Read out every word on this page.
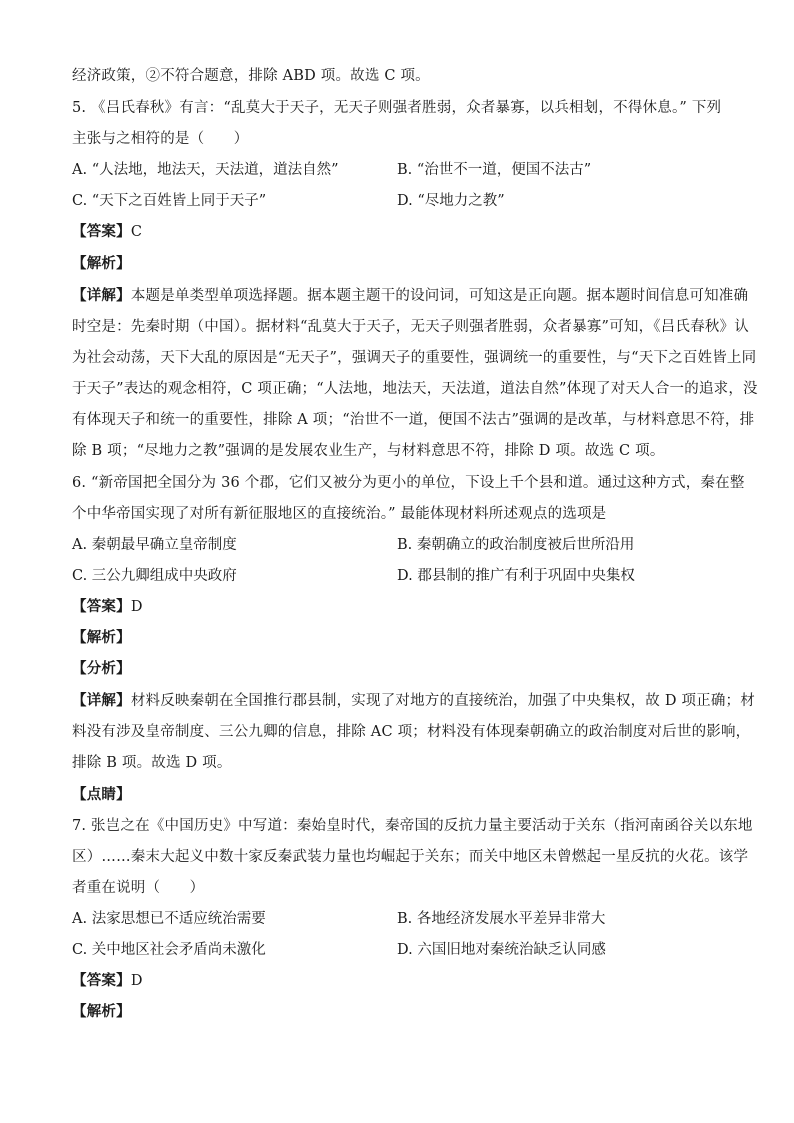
经济政策，②不符合题意，排除 ABD 项。故选 C 项。
5. 《吕氏春秋》有言：“乱莫大于天子，无天子则强者胜弱，众者暴寡，以兵相刬，不得休息。” 下列
主张与之相符的是（　　）
A. “人法地，地法天，天法道，道法自然”	B. “治世不一道，便国不法古”
C. “天下之百姓皆上同于天子”	D. “尽地力之教”
【答案】C
【解析】
【详解】本题是单类型单项选择题。据本题主题干的设问词，可知这是正向题。据本题时间信息可知准确
时空是：先秦时期（中国）。据材料“乱莫大于天子，无天子则强者胜弱，众者暴寡”可知，《吕氏春秋》认
为社会动荡，天下大乱的原因是“无天子”，强调天子的重要性，强调统一的重要性，与“天下之百姓皆上同
于天子”表达的观念相符，C 项正确；“人法地，地法天，天法道，道法自然”体现了对天人合一的追求，没
有体现天子和统一的重要性，排除 A 项；“治世不一道，便国不法古”强调的是改革，与材料意思不符，排
除 B 项；“尽地力之教”强调的是发展农业生产，与材料意思不符，排除 D 项。故选 C 项。
6. “新帝国把全国分为 36 个郡，它们又被分为更小的单位，下设上千个县和道。通过这种方式，秦在整
个中华帝国实现了对所有新征服地区的直接统治。” 最能体现材料所述观点的选项是
A. 秦朝最早确立皇帝制度	B. 秦朝确立的政治制度被后世所沿用
C. 三公九卿组成中央政府	D. 郡县制的推广有利于巩固中央集权
【答案】D
【解析】
【分析】
【详解】材料反映秦朝在全国推行郡县制，实现了对地方的直接统治，加强了中央集权，故 D 项正确；材
料没有涉及皇帝制度、三公九卿的信息，排除 AC 项；材料没有体现秦朝确立的政治制度对后世的影响，
排除 B 项。故选 D 项。
【点睛】
7. 张岂之在《中国历史》中写道：秦始皇时代，秦帝国的反抗力量主要活动于关东（指河南函谷关以东地
区）……秦末大起义中数十家反秦武装力量也均崛起于关东；而关中地区未曾燃起一星反抗的火花。该学
者重在说明（　　）
A. 法家思想已不适应统治需要	B. 各地经济发展水平差异非常大
C. 关中地区社会矛盾尚未激化	D. 六国旧地对秦统治缺乏认同感
【答案】D
【解析】
